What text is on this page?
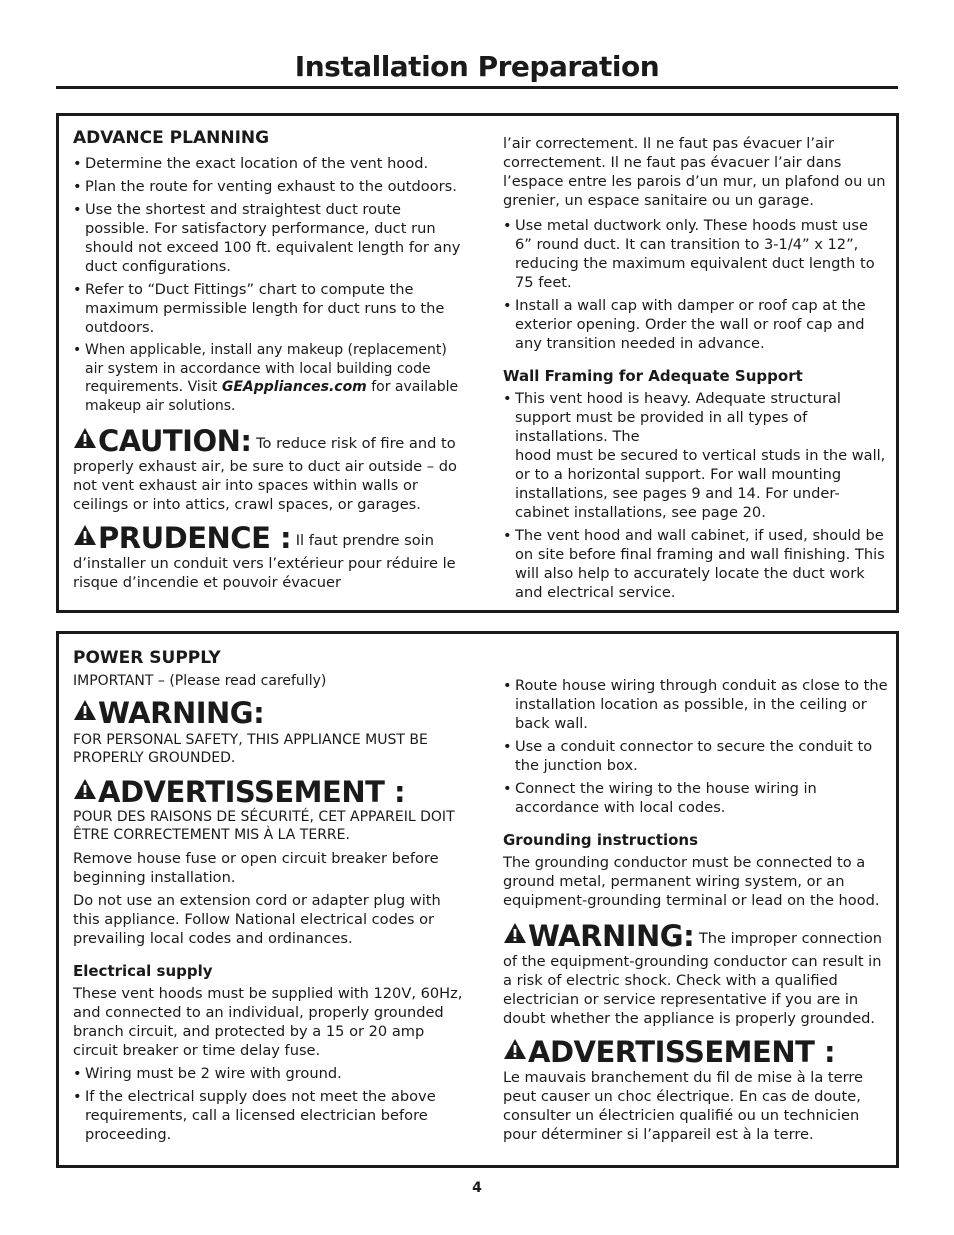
Installation Preparation
ADVANCE PLANNING
• Determine the exact location of the vent hood.
• Plan the route for venting exhaust to the outdoors.
• Use the shortest and straightest duct route possible. For satisfactory performance, duct run should not exceed 100 ft. equivalent length for any duct configurations.
• Refer to “Duct Fittings” chart to compute the maximum permissible length for duct runs to the outdoors.
• When applicable, install any makeup (replacement) air system in accordance with local building code requirements. Visit GEAppliances.com for available makeup air solutions.
CAUTION: To reduce risk of fire and to properly exhaust air, be sure to duct air outside – do not vent exhaust air into spaces within walls or ceilings or into attics, crawl spaces, or garages.
PRUDENCE : Il faut prendre soin d’installer un conduit vers l’extérieur pour réduire le risque d’incendie et pouvoir évacuer

l’air correctement. Il ne faut pas évacuer l’air correctement. Il ne faut pas évacuer l’air dans l’espace entre les parois d’un mur, un plafond ou un grenier, un espace sanitaire ou un garage.

• Use metal ductwork only. These hoods must use 6” round duct. It can transition to 3-1/4” x 12”, reducing the maximum equivalent duct length to 75 feet.
• Install a wall cap with damper or roof cap at the exterior opening. Order the wall or roof cap and any transition needed in advance.
Wall Framing for Adequate Support
• This vent hood is heavy. Adequate structural support must be provided in all types of installations. The
hood must be secured to vertical studs in the wall, or to a horizontal support. For wall mounting installations, see pages 9 and 14. For under-cabinet installations, see page 20.
• The vent hood and wall cabinet, if used, should be on site before final framing and wall finishing. This will also help to accurately locate the duct work and electrical service.
POWER SUPPLY

IMPORTANT – (Please read carefully)

WARNING:

FOR PERSONAL SAFETY, THIS APPLIANCE MUST BE PROPERLY GROUNDED.

ADVERTISSEMENT :

POUR DES RAISONS DE SÉCURITÉ, CET APPAREIL DOIT ÊTRE CORRECTEMENT MIS À LA TERRE.

Remove house fuse or open circuit breaker before beginning installation.

Do not use an extension cord or adapter plug with this appliance. Follow National electrical codes or prevailing local codes and ordinances.

Electrical supply

These vent hoods must be supplied with 120V, 60Hz, and connected to an individual, properly grounded branch circuit, and protected by a 15 or 20 amp circuit breaker or time delay fuse.

• Wiring must be 2 wire with ground.
• If the electrical supply does not meet the above requirements, call a licensed electrician before proceeding.
• Route house wiring through conduit as close to the installation location as possible, in the ceiling or back wall.
• Use a conduit connector to secure the conduit to the junction box.
• Connect the wiring to the house wiring in accordance with local codes.
Grounding instructions

The grounding conductor must be connected to a ground metal, permanent wiring system, or an equipment-grounding terminal or lead on the hood.

WARNING: The improper connection of the equipment-grounding conductor can result in a risk of electric shock. Check with a qualified electrician or service representative if you are in doubt whether the appliance is properly grounded.
ADVERTISSEMENT :

Le mauvais branchement du fil de mise à la terre peut causer un choc électrique. En cas de doute, consulter un électricien qualifié ou un technicien pour déterminer si l’appareil est à la terre.

4
